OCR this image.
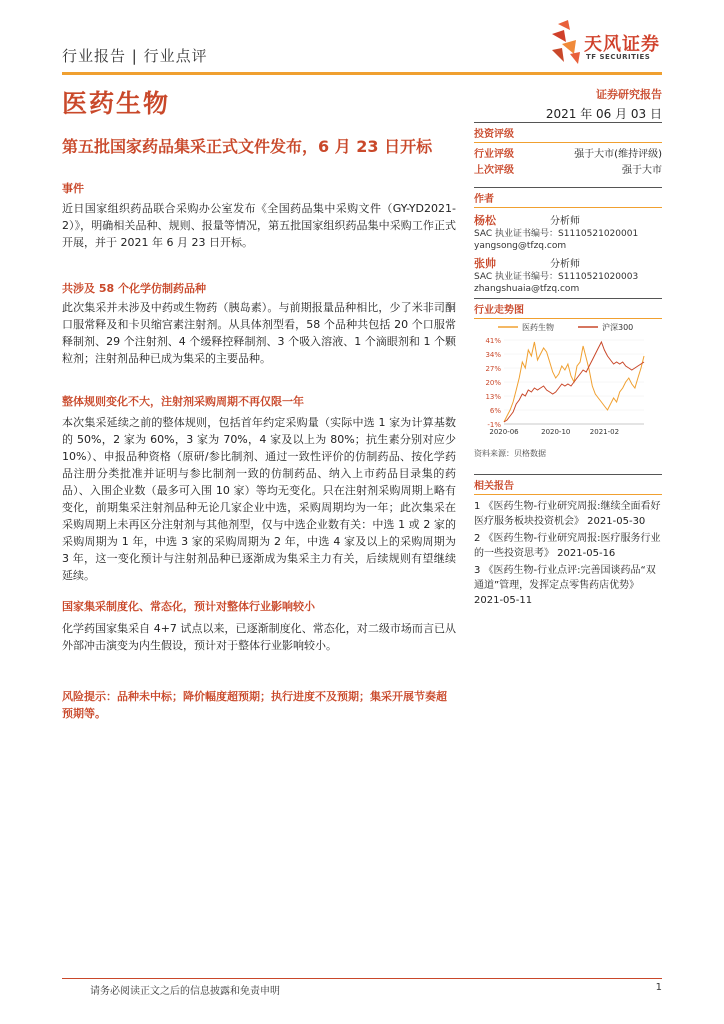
行业报告 | 行业点评
天风证券
TF SECURITIES
医药生物	证券研究报告
2021 年 06 月 03 日
第五批国家药品集采正式文件发布，6 月 23 日开标
事件
近日国家组织药品联合采购办公室发布《全国药品集中采购文件（GY-YD2021-2）》，明确相关品种、规则、报量等情况，第五批国家组织药品集中采购工作正式开展，并于 2021 年 6 月 23 日开标。
共涉及 58 个化学仿制药品种
此次集采并未涉及中药或生物药（胰岛素）。与前期报量品种相比，少了米非司酮口服常释及和卡贝缩宫素注射剂。从具体剂型看，58 个品种共包括 20 个口服常释制剂、29 个注射剂、4 个缓释控释制剂、3 个吸入溶液、1 个滴眼剂和 1 个颗粒剂；注射剂品种已成为集采的主要品种。
整体规则变化不大，注射剂采购周期不再仅限一年
本次集采延续之前的整体规则，包括首年约定采购量（实际中选 1 家为计算基数的 50%，2 家为 60%，3 家为 70%，4 家及以上为 80%；抗生素分别对应少 10%）、申报品种资格（原研/参比制剂、通过一致性评价的仿制药品、按化学药品注册分类批准并证明与参比制剂一致的仿制药品、纳入上市药品目录集的药品）、入围企业数（最多可入围 10 家）等均无变化。只在注射剂采购周期上略有变化，前期集采注射剂品种无论几家企业中选，采购周期均为一年；此次集采在采购周期上未再区分注射剂与其他剂型，仅与中选企业数有关：中选 1 或 2 家的采购周期为 1 年，中选 3 家的采购周期为 2 年，中选 4 家及以上的采购周期为 3 年，这一变化预计与注射剂品种已逐渐成为集采主力有关，后续规则有望继续延续。
国家集采制度化、常态化，预计对整体行业影响较小
化学药国家集采自 4+7 试点以来，已逐渐制度化、常态化，对二级市场而言已从外部冲击演变为内生假设，预计对于整体行业影响较小。
风险提示：品种未中标；降价幅度超预期；执行进度不及预期；集采开展节奏超预期等。
投资评级
行业评级	强于大市(维持评级)
上次评级	强于大市
作者
杨松	分析师
SAC 执业证书编号：S1110521020001
yangsong@tfzq.com
张帅	分析师
SAC 执业证书编号：S1110521020003
zhangshuaia@tfzq.com
行业走势图
医药生物	沪深300
-1%
6%
13%
20%
27%
34%
41%
2020-06	2020-10	2021-02
资料来源：贝格数据
相关报告
1 《医药生物-行业研究周报:继续全面看好医疗服务板块投资机会》 2021-05-30
2 《医药生物-行业研究周报:医疗服务行业的一些投资思考》 2021-05-16
3 《医药生物-行业点评:完善国谈药品“双通道”管理，发挥定点零售药店优势》 2021-05-11
请务必阅读正文之后的信息披露和免责申明	1
